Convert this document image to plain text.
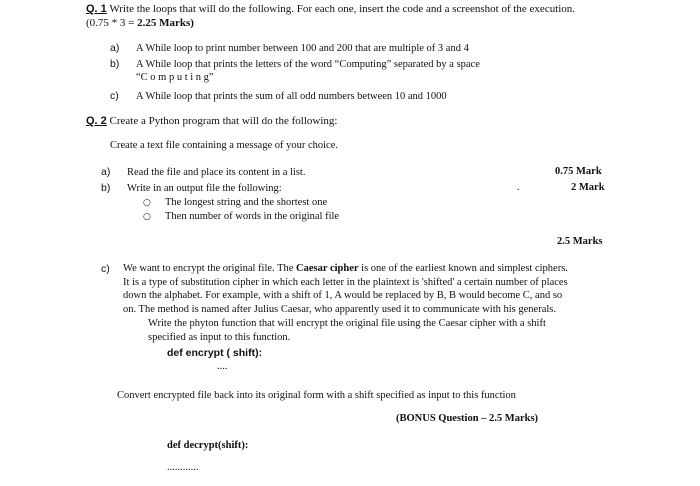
Q. 1 Write the loops that will do the following. For each one, insert the code and a screenshot of the execution.
(0.75 * 3 = 2.25 Marks)
a) A While loop to print number between 100 and 200 that are multiple of 3 and 4
b) A While loop that prints the letters of the word “Computing” separated by a space
“C o m p u t i n g”
c) A While loop that prints the sum of all odd numbers between 10 and 1000
Q. 2 Create a Python program that will do the following:
Create a text file containing a message of your choice.
a) Read the file and place its content in a list.	0.75 Mark
b) Write in an output file the following:	.	2 Mark
○ The longest string and the shortest one
○ Then number of words in the original file
2.5 Marks
c) We want to encrypt the original file. The Caesar cipher is one of the earliest known and simplest ciphers.
It is a type of substitution cipher in which each letter in the plaintext is 'shifted' a certain number of places
down the alphabet. For example, with a shift of 1, A would be replaced by B, B would become C, and so
on. The method is named after Julius Caesar, who apparently used it to communicate with his generals.
Write the phyton function that will encrypt the original file using the Caesar cipher with a shift
specified as input to this function.
def encrypt ( shift):
....
Convert encrypted file back into its original form with a shift specified as input to this function
(BONUS Question – 2.5 Marks)
def decrypt(shift):
............
